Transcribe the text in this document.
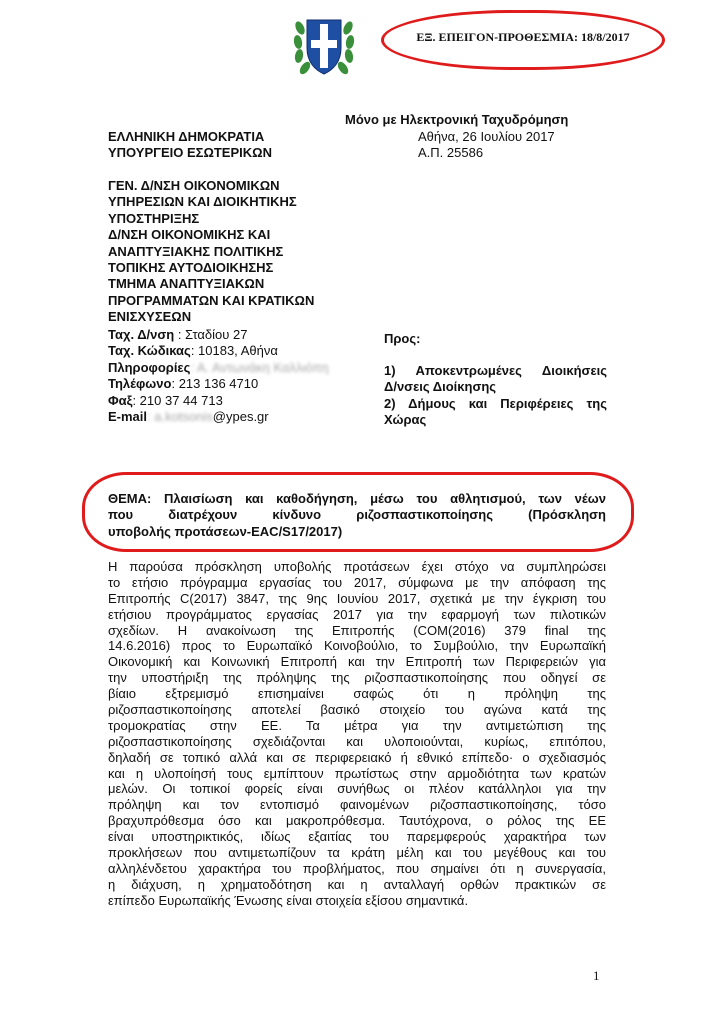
ΕΞ. ΕΠΕΙΓΟΝ-ΠΡΟΘΕΣΜΙΑ: 18/8/2017
Μόνο με Ηλεκτρονική Ταχυδρόμηση
ΕΛΛΗΝΙΚΗ ΔΗΜΟΚΡΑΤΙΑ	Αθήνα, 26 Ιουλίου 2017
ΥΠΟΥΡΓΕΙΟ ΕΣΩΤΕΡΙΚΩΝ	Α.Π. 25586
ΓΕΝ. Δ/ΝΣΗ ΟΙΚΟΝΟΜΙΚΩΝ
ΥΠΗΡΕΣΙΩΝ ΚΑΙ ΔΙΟΙΚΗΤΙΚΗΣ
ΥΠΟΣΤΗΡΙΞΗΣ
Δ/ΝΣΗ ΟΙΚΟΝΟΜΙΚΗΣ ΚΑΙ
ΑΝΑΠΤΥΞΙΑΚΗΣ ΠΟΛΙΤΙΚΗΣ
ΤΟΠΙΚΗΣ ΑΥΤΟΔΙΟΙΚΗΣΗΣ
ΤΜΗΜΑ ΑΝΑΠΤΥΞΙΑΚΩΝ
ΠΡΟΓΡΑΜΜΑΤΩΝ ΚΑΙ ΚΡΑΤΙΚΩΝ
ΕΝΙΣΧΥΣΕΩΝ
Ταχ. Δ/νση : Σταδίου 27
Ταχ. Κώδικας: 10183, Αθήνα
Πληροφορίες: Α. Αντωνάκη Καλλιόπη
Τηλέφωνο: 213 136 4710
Φαξ: 210 37 44 713
E-mail: a.kotsonis@ypes.gr
Προς:
1) Αποκεντρωμένες Διοικήσεις
Δ/νσεις Διοίκησης
2) Δήμους και Περιφέρειες της
Χώρας
ΘΕΜΑ: Πλαισίωση και καθοδήγηση, μέσω του αθλητισμού, των νέων
που διατρέχουν κίνδυνο ριζοσπαστικοποίησης (Πρόσκληση
υποβολής προτάσεων-EAC/S17/2017)
Η παρούσα πρόσκληση υποβολής προτάσεων έχει στόχο να συμπληρώσει
το ετήσιο πρόγραμμα εργασίας του 2017, σύμφωνα με την απόφαση της
Επιτροπής C(2017) 3847, της 9ης Ιουνίου 2017, σχετικά με την έγκριση του
ετήσιου προγράμματος εργασίας 2017 για την εφαρμογή των πιλοτικών
σχεδίων. Η ανακοίνωση της Επιτροπής (COM(2016) 379 final της
14.6.2016) προς το Ευρωπαϊκό Κοινοβούλιο, το Συμβούλιο, την Ευρωπαϊκή
Οικονομική και Κοινωνική Επιτροπή και την Επιτροπή των Περιφερειών για
την υποστήριξη της πρόληψης της ριζοσπαστικοποίησης που οδηγεί σε
βίαιο εξτρεμισμό επισημαίνει σαφώς ότι η πρόληψη της
ριζοσπαστικοποίησης αποτελεί βασικό στοιχείο του αγώνα κατά της
τρομοκρατίας στην ΕΕ. Τα μέτρα για την αντιμετώπιση της
ριζοσπαστικοποίησης σχεδιάζονται και υλοποιούνται, κυρίως, επιτόπου,
δηλαδή σε τοπικό αλλά και σε περιφερειακό ή εθνικό επίπεδο· ο σχεδιασμός
και η υλοποίησή τους εμπίπτουν πρωτίστως στην αρμοδιότητα των κρατών
μελών. Οι τοπικοί φορείς είναι συνήθως οι πλέον κατάλληλοι για την
πρόληψη και τον εντοπισμό φαινομένων ριζοσπαστικοποίησης, τόσο
βραχυπρόθεσμα όσο και μακροπρόθεσμα. Ταυτόχρονα, ο ρόλος της ΕΕ
είναι υποστηρικτικός, ιδίως εξαιτίας του παρεμφερούς χαρακτήρα των
προκλήσεων που αντιμετωπίζουν τα κράτη μέλη και του μεγέθους και του
αλληλένδετου χαρακτήρα του προβλήματος, που σημαίνει ότι η συνεργασία,
η διάχυση, η χρηματοδότηση και η ανταλλαγή ορθών πρακτικών σε
επίπεδο Ευρωπαϊκής Ένωσης είναι στοιχεία εξίσου σημαντικά.
1
